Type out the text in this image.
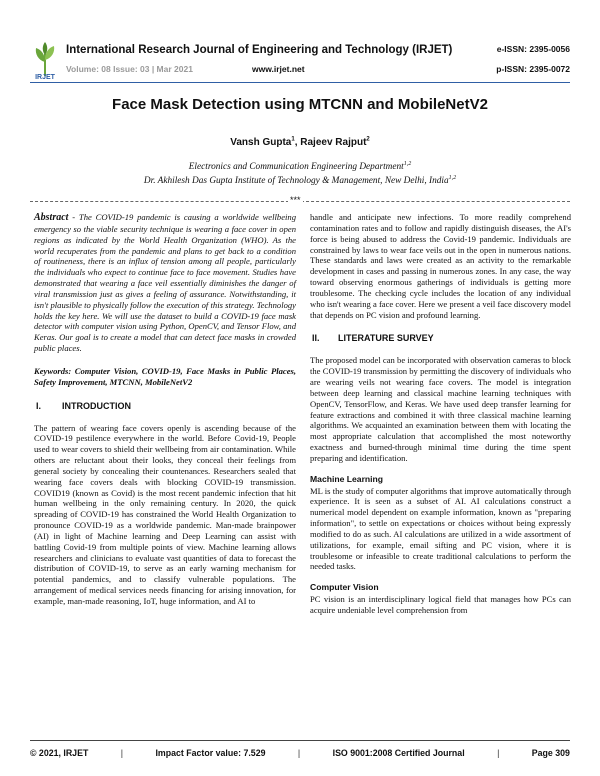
IRJET
International Research Journal of Engineering and Technology (IRJET)
Volume: 08 Issue: 03 | Mar 2021	www.irjet.net
e-ISSN: 2395-0056
p-ISSN: 2395-0072
Face Mask Detection using MTCNN and MobileNetV2
Vansh Gupta$^1$, Rajeev Rajput$^2$
Electronics and Communication Engineering Department$^{1,2}$
Dr. Akhilesh Das Gupta Institute of Technology & Management, New Delhi, India$^{1,2}$
***

Abstract - The COVID-19 pandemic is causing a worldwide wellbeing emergency so the viable security technique is wearing a face cover in open regions as indicated by the World Health Organization (WHO). As the world recuperates from the pandemic and plans to get back to a condition of routineness, there is an influx of tension among all people, particularly the individuals who expect to continue face to face movement. Studies have demonstrated that wearing a face veil essentially diminishes the danger of viral transmission just as gives a feeling of assurance. Notwithstanding, it isn't plausible to physically follow the execution of this strategy. Technology holds the key here. We will use the dataset to build a COVID-19 face mask detector with computer vision using Python, OpenCV, and Tensor Flow, and Keras. Our goal is to create a model that can detect face masks in crowded public places.

Keywords: Computer Vision, COVID-19, Face Masks in Public Places, Safety Improvement, MTCNN, MobileNetV2

I. INTRODUCTION

The pattern of wearing face covers openly is ascending because of the COVID-19 pestilence everywhere in the world. Before Covid-19, People used to wear covers to shield their wellbeing from air contamination. While others are reluctant about their looks, they conceal their feelings from general society by concealing their countenances. Researchers sealed that wearing face covers deals with blocking COVID-19 transmission. COVID19 (known as Covid) is the most recent pandemic infection that hit human wellbeing in the only remaining century. In 2020, the quick spreading of COVID-19 has constrained the World Health Organization to pronounce COVID-19 as a worldwide pandemic. Man-made brainpower (AI) in light of Machine learning and Deep Learning can assist with battling Covid-19 from multiple points of view. Machine learning allows researchers and clinicians to evaluate vast quantities of data to forecast the distribution of COVID-19, to serve as an early warning mechanism for potential pandemics, and to classify vulnerable populations. The arrangement of medical services needs financing for arising innovation, for example, man-made reasoning, IoT, huge information, and AI to

handle and anticipate new infections. To more readily comprehend contamination rates and to follow and rapidly distinguish diseases, the AI's force is being abused to address the Covid-19 pandemic. Individuals are constrained by laws to wear face veils out in the open in numerous nations. These standards and laws were created as an activity to the remarkable development in cases and passing in numerous zones. In any case, the way toward observing enormous gatherings of individuals is getting more troublesome. The checking cycle includes the location of any individual who isn't wearing a face cover. Here we present a veil face discovery model that depends on PC vision and profound learning.

II. LITERATURE SURVEY

The proposed model can be incorporated with observation cameras to block the COVID-19 transmission by permitting the discovery of individuals who are wearing veils not wearing face covers. The model is integration between deep learning and classical machine learning techniques with OpenCV, TensorFlow, and Keras. We have used deep transfer learning for feature extractions and combined it with three classical machine learning algorithms. We acquainted an examination between them with locating the most appropriate calculation that accomplished the most noteworthy exactness and burned-through minimal time during the time spent preparing and identification.

Machine Learning

ML is the study of computer algorithms that improve automatically through experience. It is seen as a subset of AI. AI calculations construct a numerical model dependent on example information, known as "preparing information", to settle on expectations or choices without being expressly modified to do as such. AI calculations are utilized in a wide assortment of utilizations, for example, email sifting and PC vision, where it is troublesome or infeasible to create traditional calculations to perform the needed tasks.

Computer Vision

PC vision is an interdisciplinary logical field that manages how PCs can acquire undeniable level comprehension from

© 2021, IRJET	|	Impact Factor value: 7.529	|	ISO 9001:2008 Certified Journal	|	Page 309
